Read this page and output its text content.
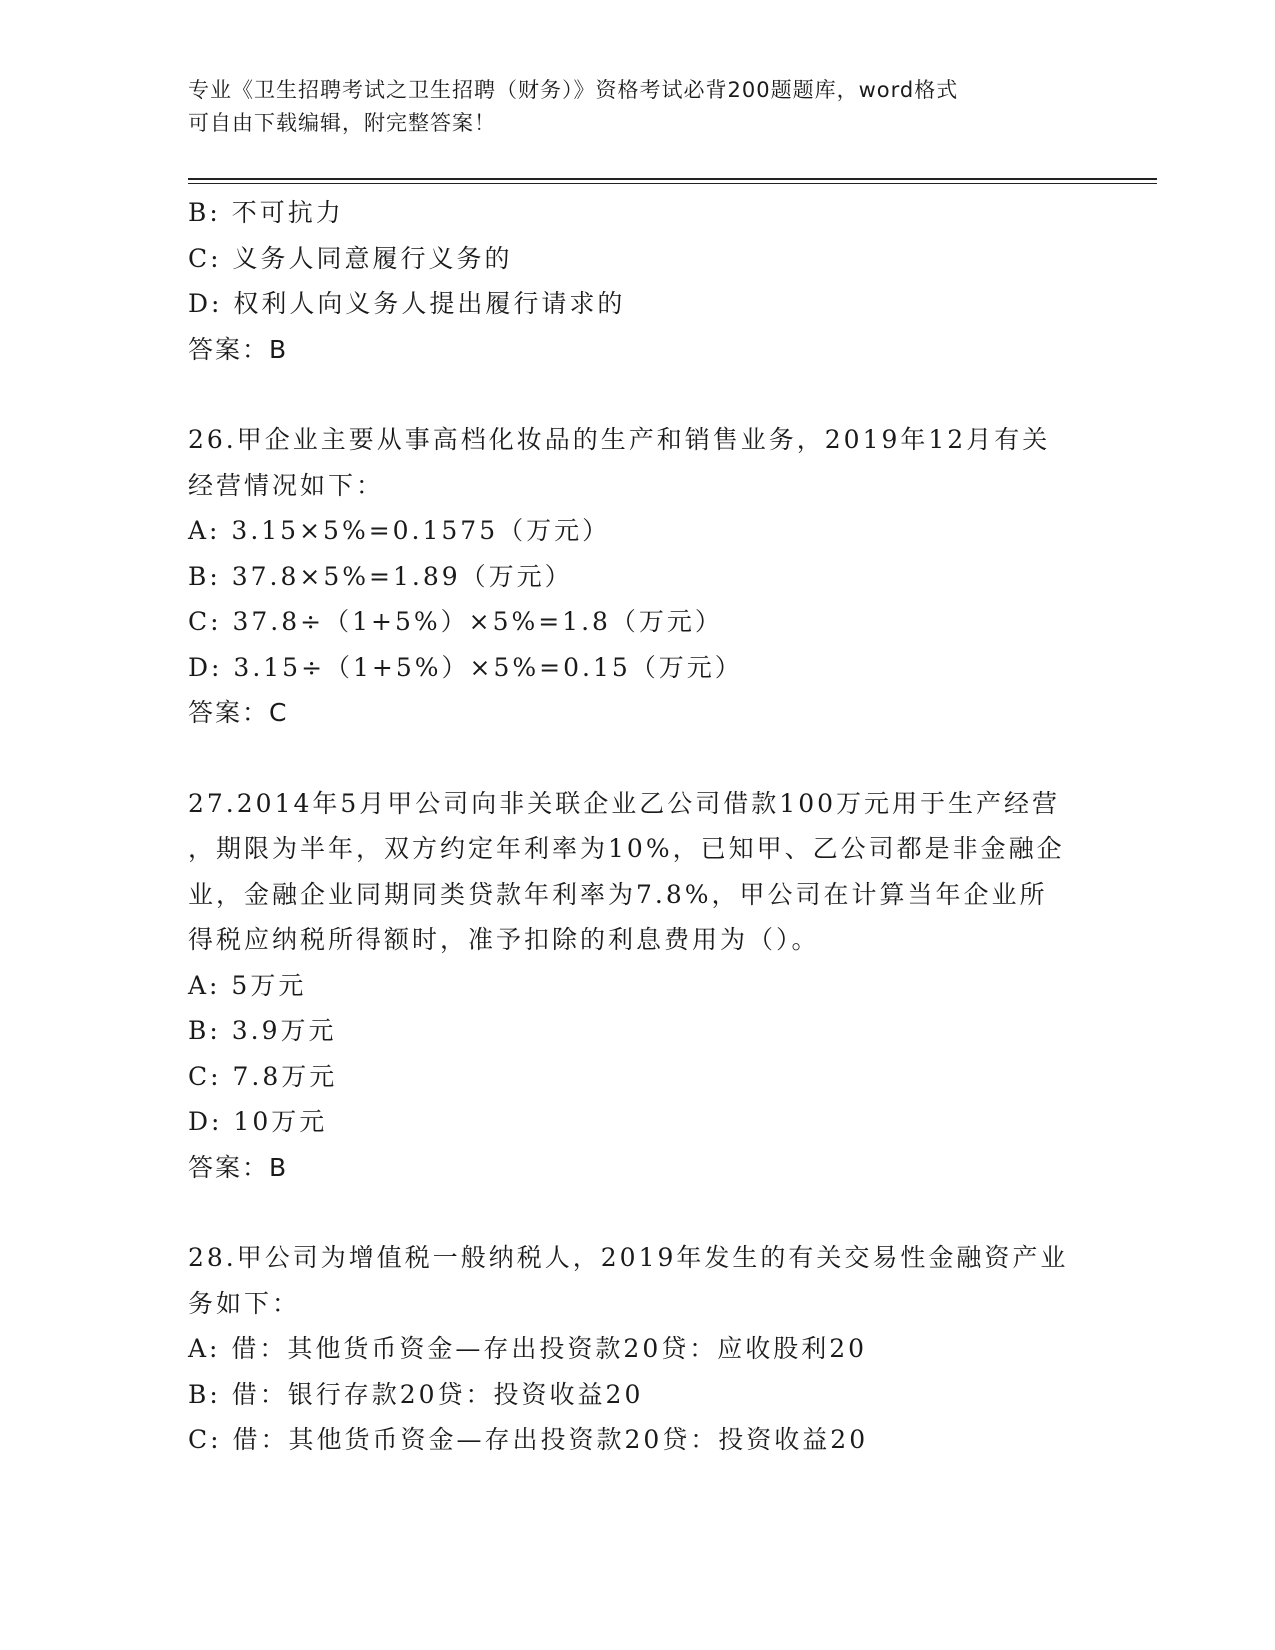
专业《卫生招聘考试之卫生招聘（财务）》资格考试必背200题题库，word格式
可自由下载编辑，附完整答案！
B: 不可抗力
C: 义务人同意履行义务的
D: 权利人向义务人提出履行请求的
答案：B
26.甲企业主要从事高档化妆品的生产和销售业务，2019年12月有关
经营情况如下：
A: 3.15×5%=0.1575（万元）
B: 37.8×5%=1.89（万元）
C: 37.8÷（1+5%）×5%=1.8（万元）
D: 3.15÷（1+5%）×5%=0.15（万元）
答案：C
27.2014年5月甲公司向非关联企业乙公司借款100万元用于生产经营
，期限为半年，双方约定年利率为10%，已知甲、乙公司都是非金融企
业，金融企业同期同类贷款年利率为7.8%，甲公司在计算当年企业所
得税应纳税所得额时，准予扣除的利息费用为（）。
A: 5万元
B: 3.9万元
C: 7.8万元
D: 10万元
答案：B
28.甲公司为增值税一般纳税人，2019年发生的有关交易性金融资产业
务如下：
A: 借：其他货币资金—存出投资款20贷：应收股利20
B: 借：银行存款20贷：投资收益20
C: 借：其他货币资金—存出投资款20贷：投资收益20
